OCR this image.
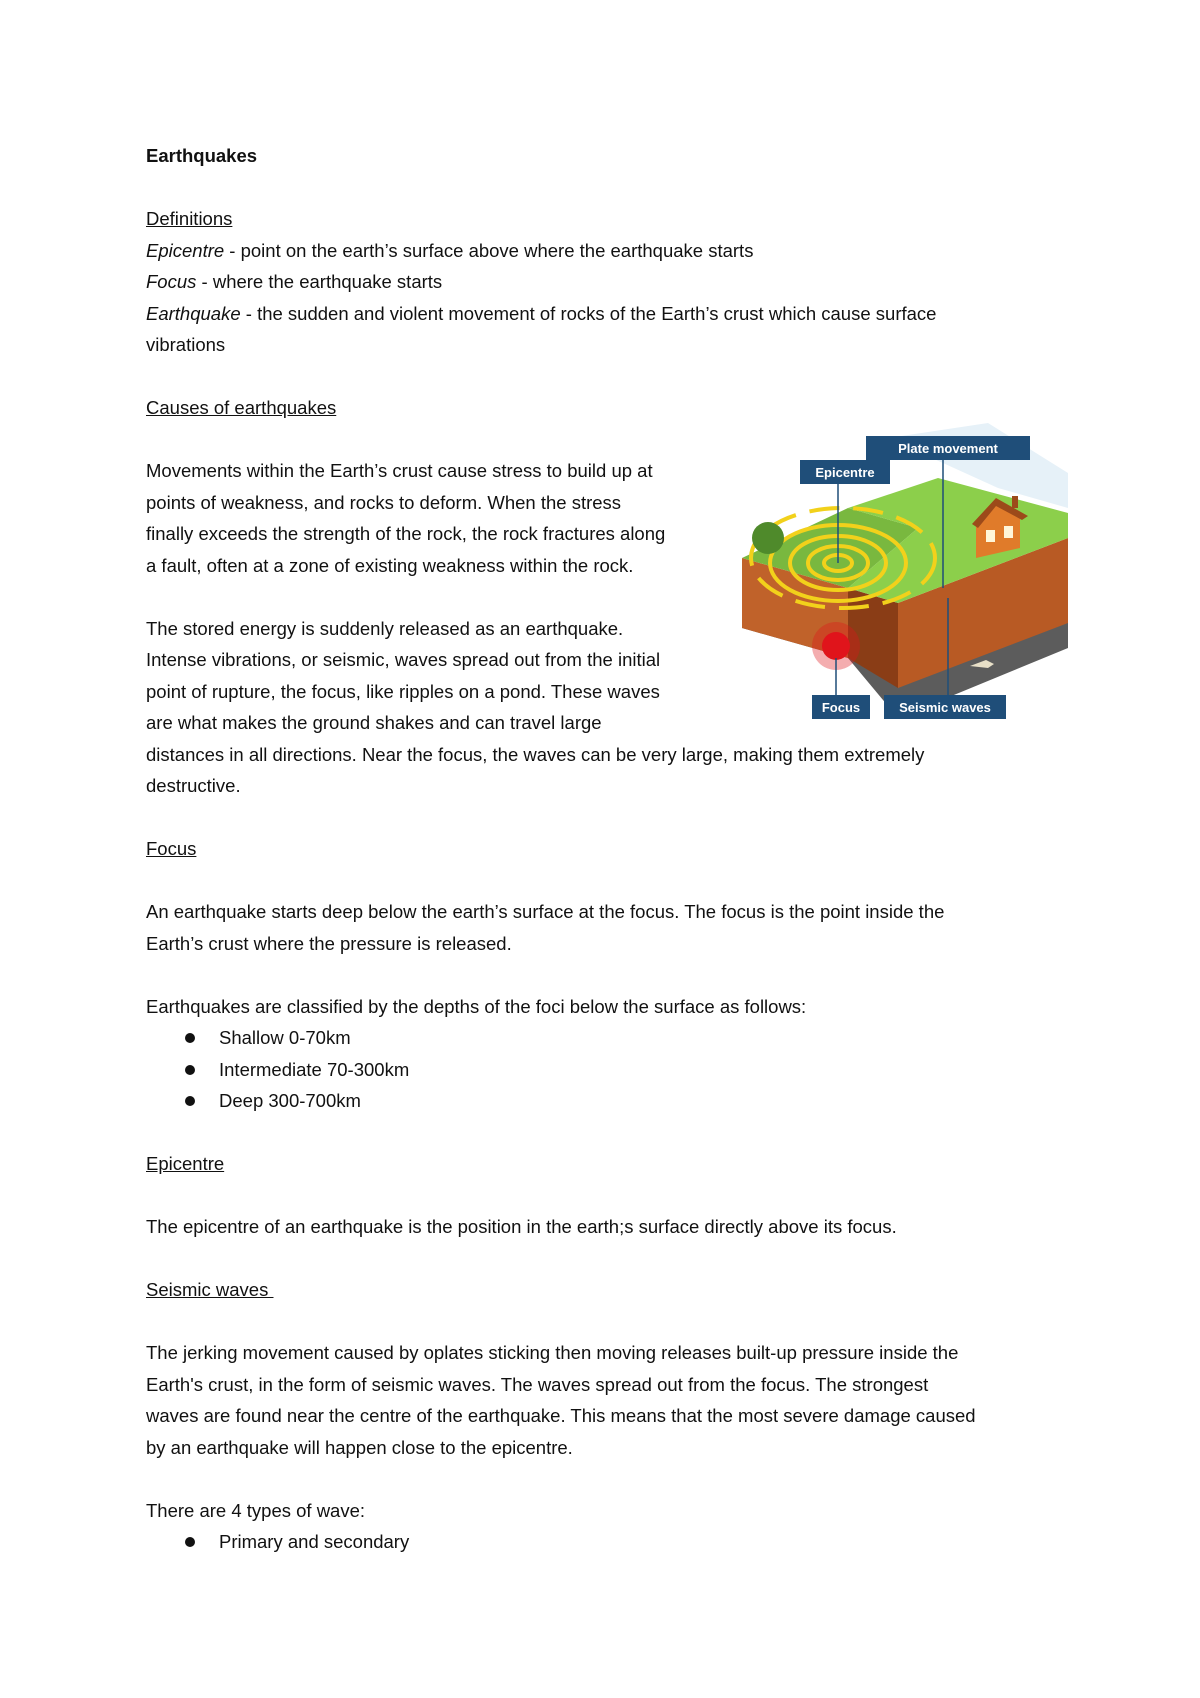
Earthquakes
Definitions
Epicentre - point on the earth’s surface above where the earthquake starts
Focus - where the earthquake starts
Earthquake - the sudden and violent movement of rocks of the Earth’s crust which cause surface
vibrations
Causes of earthquakes
Movements within the Earth’s crust cause stress to build up at
points of weakness, and rocks to deform. When the stress
finally exceeds the strength of the rock, the rock fractures along
a fault, often at a zone of existing weakness within the rock.
The stored energy is suddenly released as an earthquake.
Intense vibrations, or seismic, waves spread out from the initial
point of rupture, the focus, like ripples on a pond. These waves
are what makes the ground shakes and can travel large
distances in all directions. Near the focus, the waves can be very large, making them extremely
destructive.
Focus
An earthquake starts deep below the earth’s surface at the focus. The focus is the point inside the
Earth’s crust where the pressure is released.
Earthquakes are classified by the depths of the foci below the surface as follows:
Shallow 0-70km
Intermediate 70-300km
Deep 300-700km
Epicentre
The epicentre of an earthquake is the position in the earth;s surface directly above its focus.
Seismic waves
The jerking movement caused by oplates sticking then moving releases built-up pressure inside the
Earth's crust, in the form of seismic waves. The waves spread out from the focus. The strongest
waves are found near the centre of the earthquake. This means that the most severe damage caused
by an earthquake will happen close to the epicentre.
There are 4 types of wave:
Primary and secondary
Plate movement
Epicentre
Focus	Seismic waves
